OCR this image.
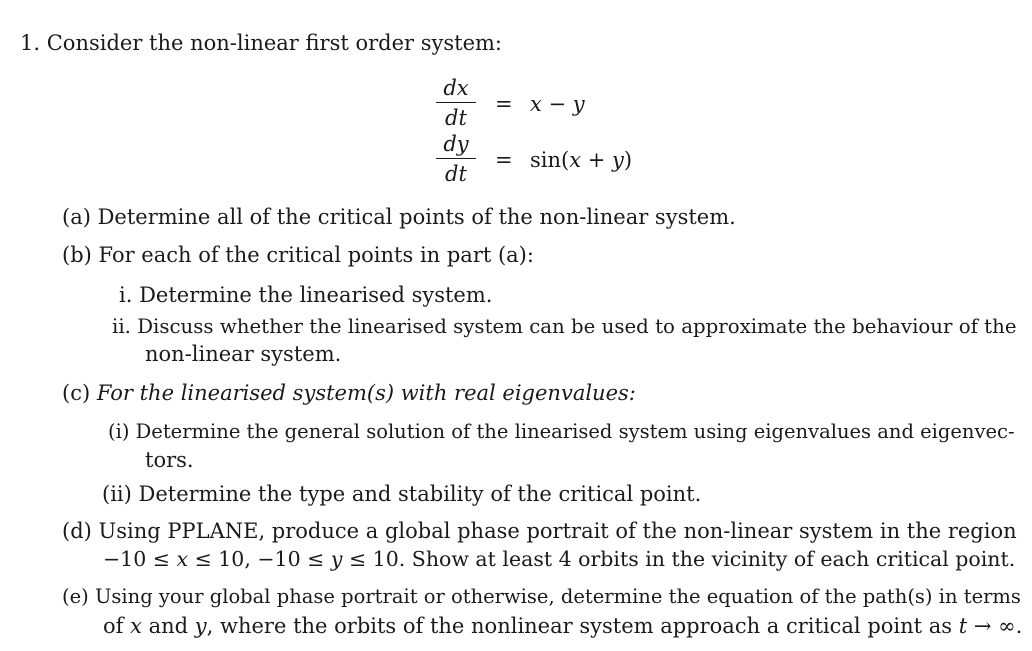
1. Consider the non-linear first order system:
dx
dt
= x − y
dy
dt
= sin(x + y)
(a) Determine all of the critical points of the non-linear system.
(b) For each of the critical points in part (a):
i. Determine the linearised system.
ii. Discuss whether the linearised system can be used to approximate the behaviour of the
non-linear system.
(c) For the linearised system(s) with real eigenvalues:
(i) Determine the general solution of the linearised system using eigenvalues and eigenvec-
tors.
(ii) Determine the type and stability of the critical point.
(d) Using PPLANE, produce a global phase portrait of the non-linear system in the region
−10 ≤ x ≤ 10, −10 ≤ y ≤ 10. Show at least 4 orbits in the vicinity of each critical point.
(e) Using your global phase portrait or otherwise, determine the equation of the path(s) in terms
of x and y, where the orbits of the nonlinear system approach a critical point as t → ∞.
